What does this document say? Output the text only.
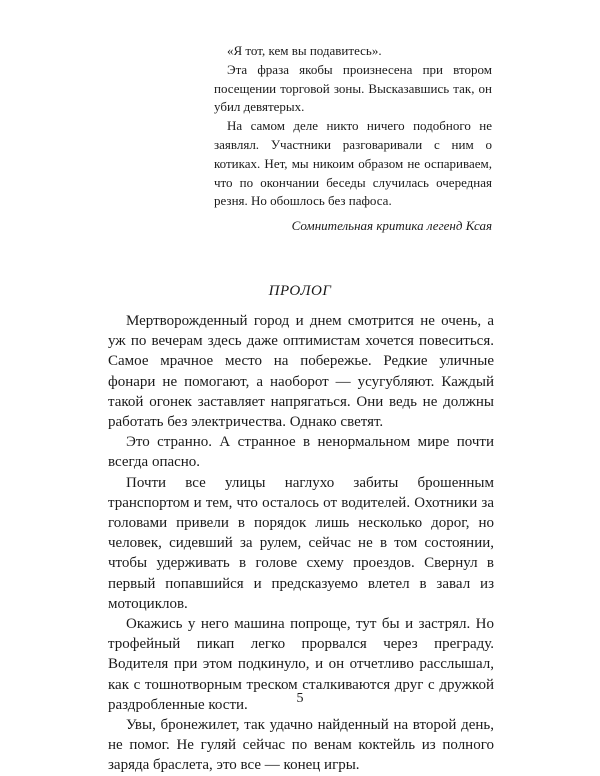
«Я тот, кем вы подавитесь».

Эта фраза якобы произнесена при втором посещении торговой зоны. Высказавшись так, он убил девятерых.

На самом деле никто ничего подобного не заявлял. Участники разговаривали с ним о котиках. Нет, мы никоим образом не оспариваем, что по окончании беседы случилась очередная резня. Но обошлось без пафоса.

Сомнительная критика легенд Ксая

ПРОЛОГ

Мертворожденный город и днем смотрится не очень, а уж по вечерам здесь даже оптимистам хочется повеситься. Самое мрачное место на побережье. Редкие уличные фонари не помогают, а наоборот — усугубляют. Каждый такой огонек заставляет напрягаться. Они ведь не должны работать без электричества. Однако светят.

Это странно. А странное в ненормальном мире почти всегда опасно.

Почти все улицы наглухо забиты брошенным транспортом и тем, что осталось от водителей. Охотники за головами привели в порядок лишь несколько дорог, но человек, сидевший за рулем, сейчас не в том состоянии, чтобы удерживать в голове схему проездов. Свернул в первый попавшийся и предсказуемо влетел в завал из мотоциклов.

Окажись у него машина попроще, тут бы и застрял. Но трофейный пикап легко прорвался через преграду. Водителя при этом подкинуло, и он отчетливо расслышал, как с тошнотворным треском сталкиваются друг с дружкой раздробленные кости.

Увы, бронежилет, так удачно найденный на второй день, не помог. Не гуляй сейчас по венам коктейль из полного заряда браслета, это все — конец игры.

5
